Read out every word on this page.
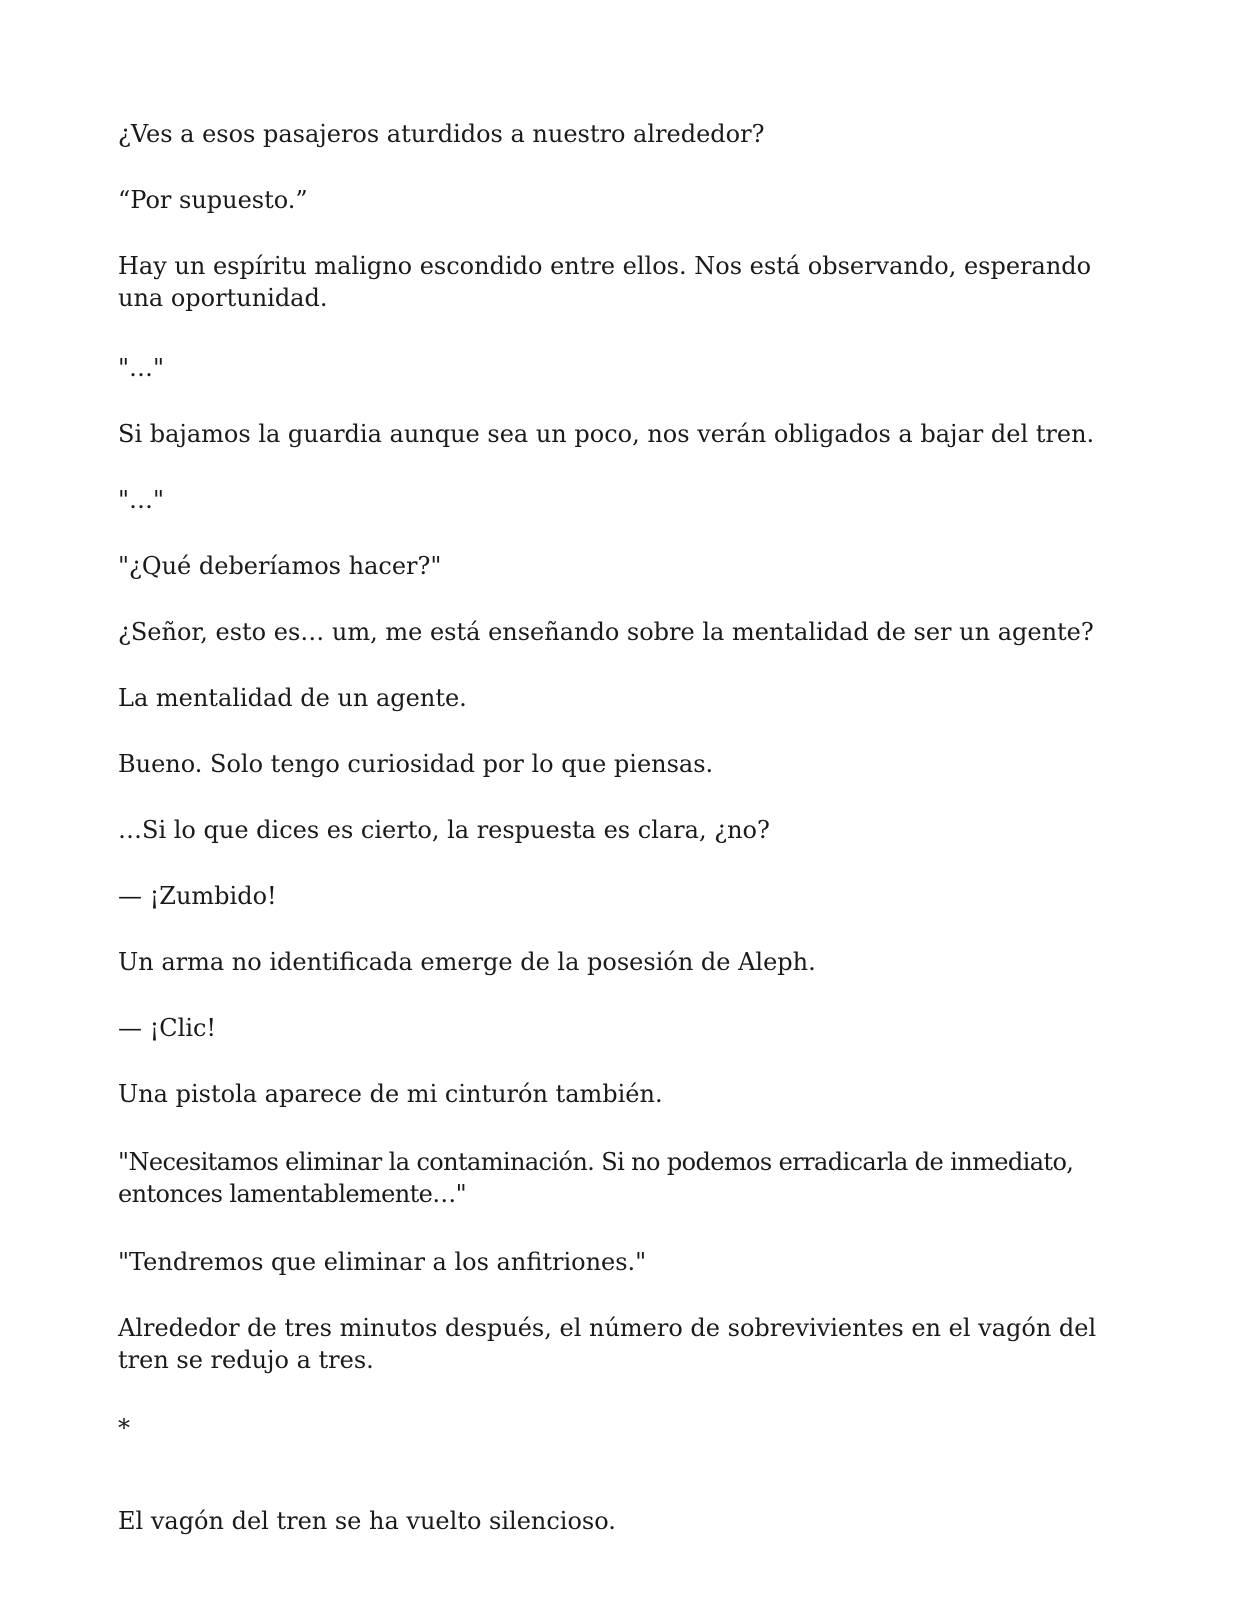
¿Ves a esos pasajeros aturdidos a nuestro alrededor?

“Por supuesto.”

Hay un espíritu maligno escondido entre ellos. Nos está observando, esperando una oportunidad.

"…"

Si bajamos la guardia aunque sea un poco, nos verán obligados a bajar del tren.

"…"

"¿Qué deberíamos hacer?"

¿Señor, esto es… um, me está enseñando sobre la mentalidad de ser un agente?

La mentalidad de un agente.

Bueno. Solo tengo curiosidad por lo que piensas.

…Si lo que dices es cierto, la respuesta es clara, ¿no?

— ¡Zumbido!

Un arma no identificada emerge de la posesión de Aleph.

— ¡Clic!

Una pistola aparece de mi cinturón también.

"Necesitamos eliminar la contaminación. Si no podemos erradicarla de inmediato, entonces lamentablemente…"

"Tendremos que eliminar a los anfitriones."

Alrededor de tres minutos después, el número de sobrevivientes en el vagón del tren se redujo a tres.

*

El vagón del tren se ha vuelto silencioso.
